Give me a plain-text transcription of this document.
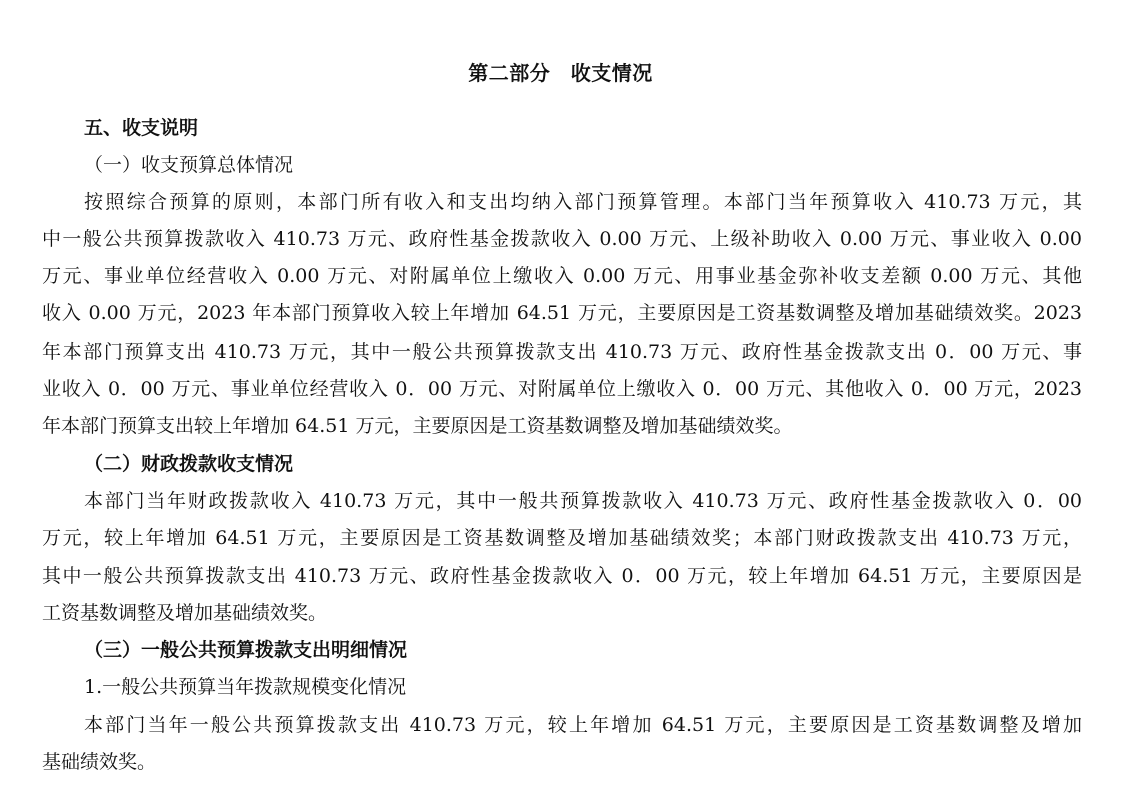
第二部分　收支情况
五、收支说明
（一）收支预算总体情况
按照综合预算的原则，本部门所有收入和支出均纳入部门预算管理。本部门当年预算收入 410.73 万元，其
中一般公共预算拨款收入 410.73 万元、政府性基金拨款收入 0.00 万元、上级补助收入 0.00 万元、事业收入 0.00
万元、事业单位经营收入 0.00 万元、对附属单位上缴收入 0.00 万元、用事业基金弥补收支差额 0.00 万元、其他
收入 0.00 万元，2023 年本部门预算收入较上年增加 64.51 万元，主要原因是工资基数调整及增加基础绩效奖。2023
年本部门预算支出 410.73 万元，其中一般公共预算拨款支出 410.73 万元、政府性基金拨款支出 0．00 万元、事
业收入 0．00 万元、事业单位经营收入 0．00 万元、对附属单位上缴收入 0．00 万元、其他收入 0．00 万元，2023
年本部门预算支出较上年增加 64.51 万元，主要原因是工资基数调整及增加基础绩效奖。
（二）财政拨款收支情况
本部门当年财政拨款收入 410.73 万元，其中一般共预算拨款收入 410.73 万元、政府性基金拨款收入 0．00
万元，较上年增加 64.51 万元，主要原因是工资基数调整及增加基础绩效奖；本部门财政拨款支出 410.73 万元，
其中一般公共预算拨款支出 410.73 万元、政府性基金拨款收入 0．00 万元，较上年增加 64.51 万元，主要原因是
工资基数调整及增加基础绩效奖。
（三）一般公共预算拨款支出明细情况
1.一般公共预算当年拨款规模变化情况
本部门当年一般公共预算拨款支出 410.73 万元，较上年增加 64.51 万元，主要原因是工资基数调整及增加
基础绩效奖。
